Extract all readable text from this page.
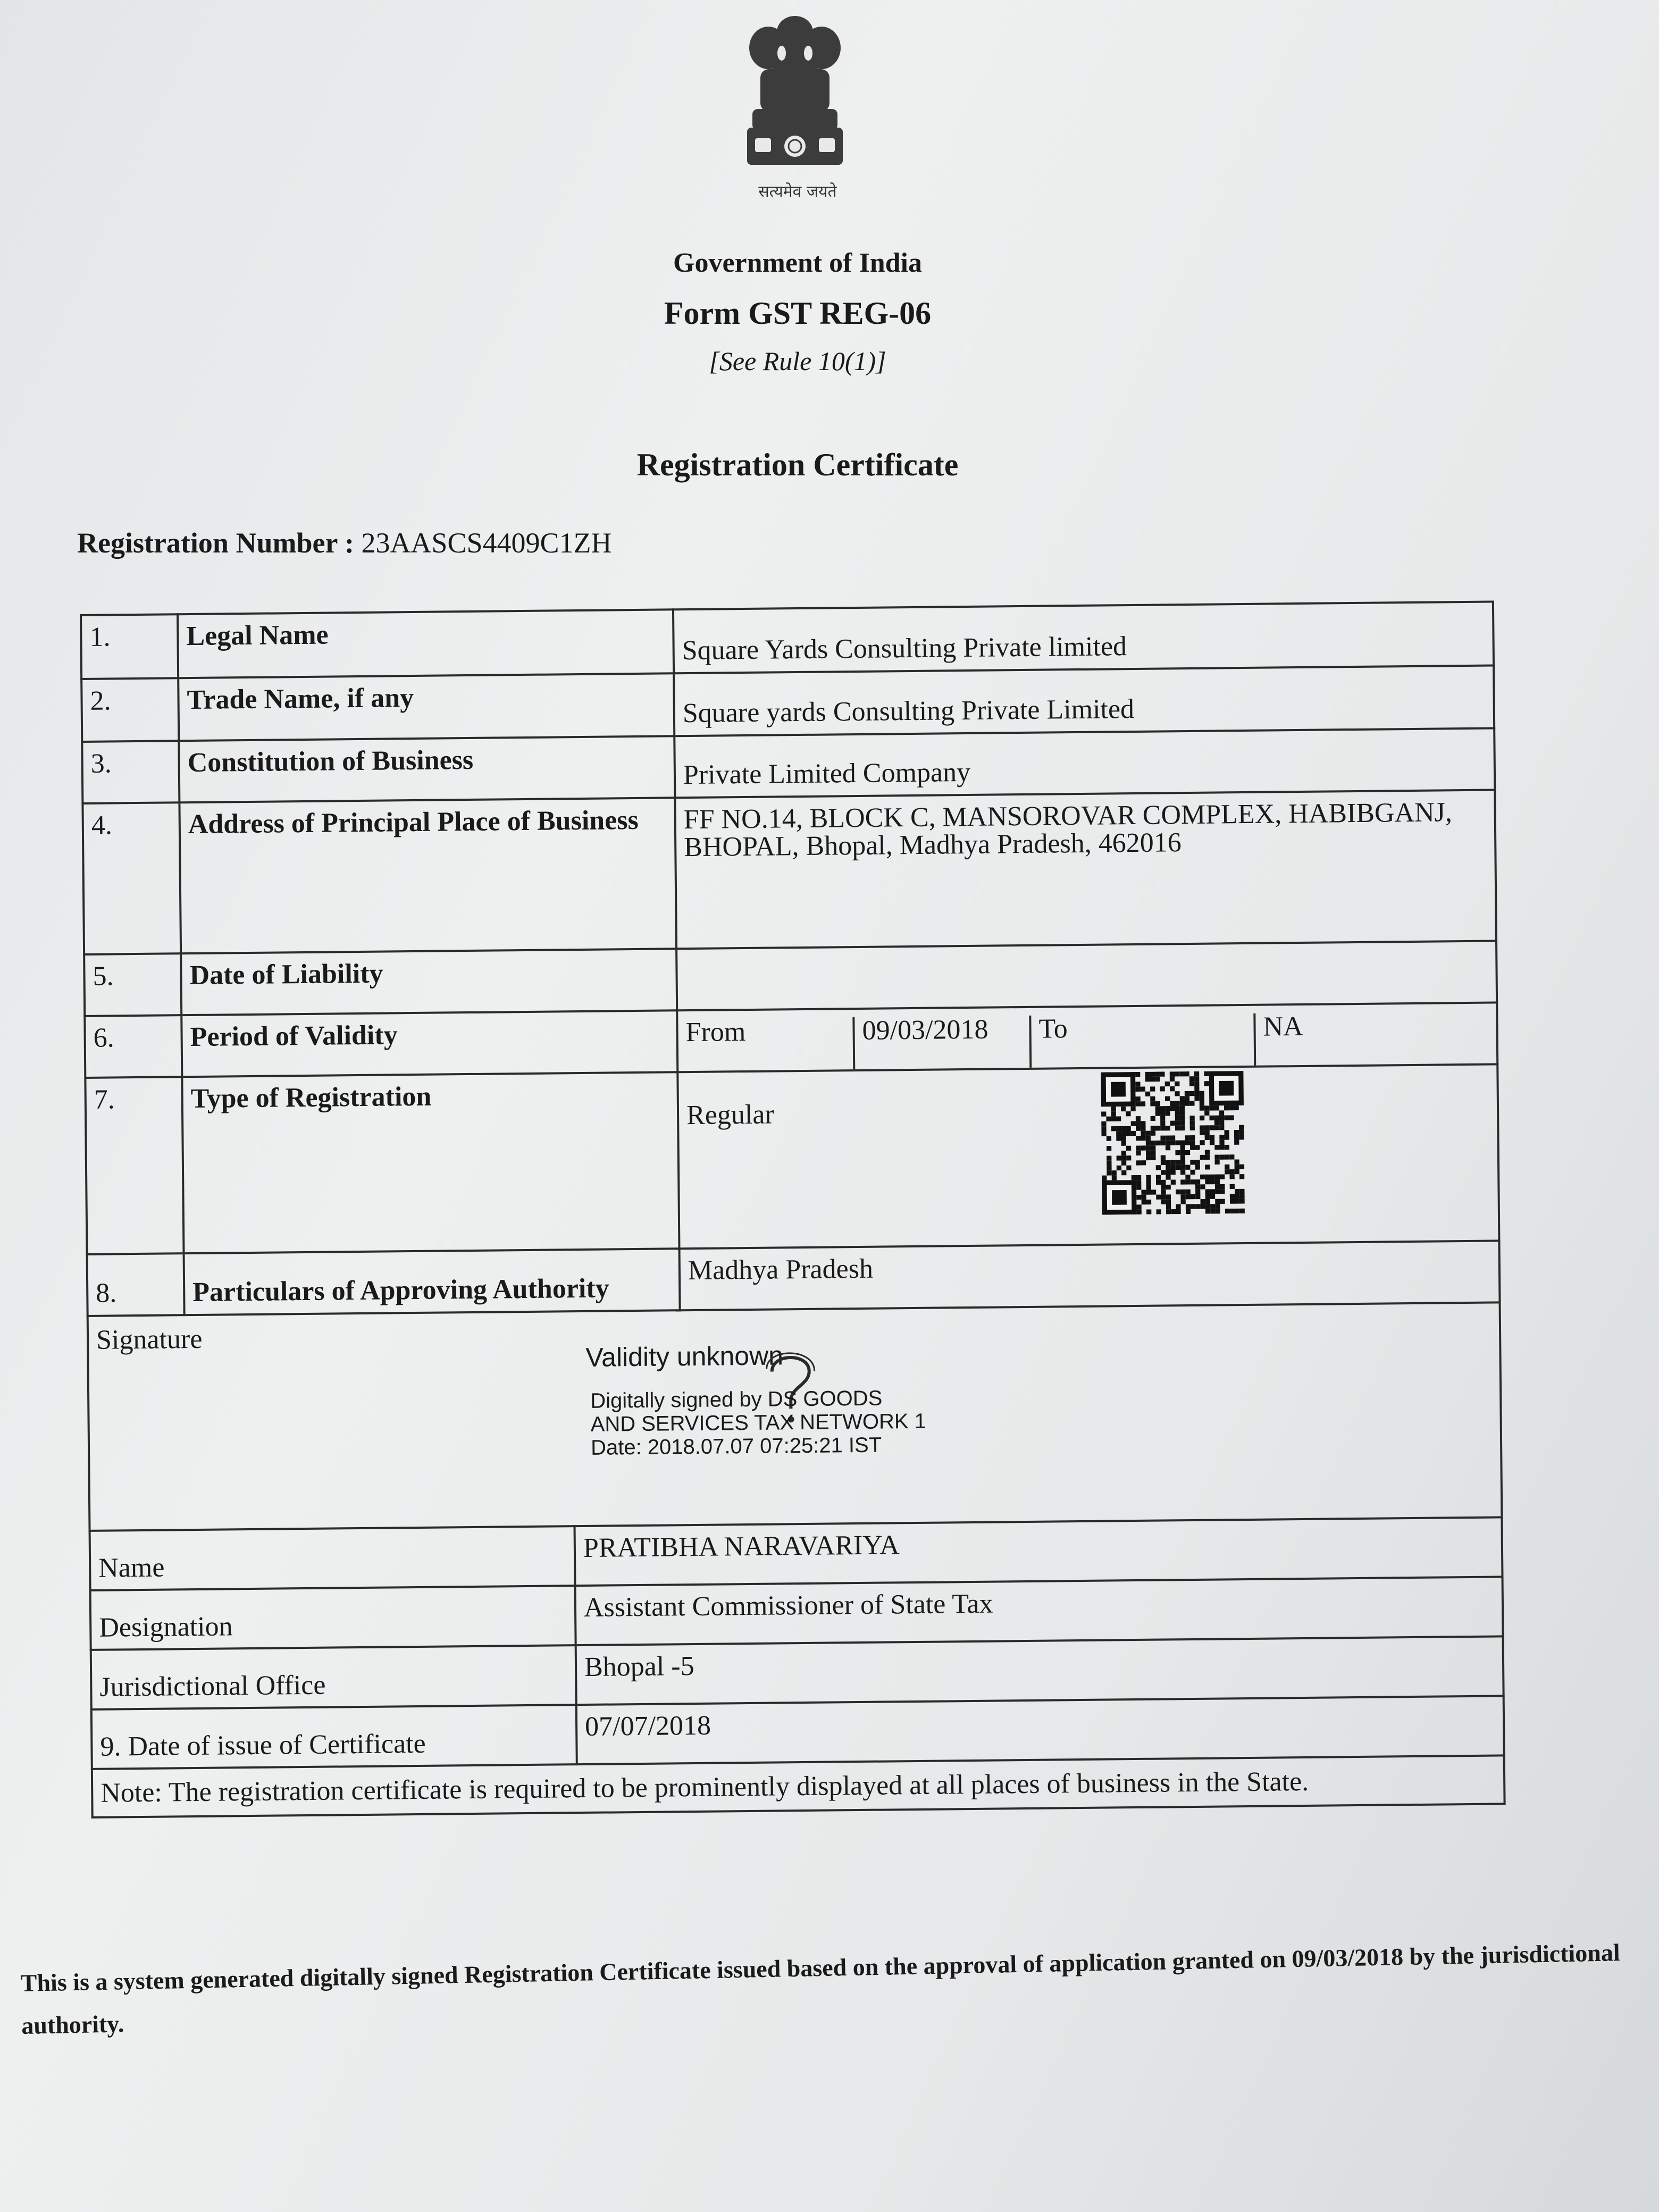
सत्यमेव जयते
Government of India
Form GST REG-06
[See Rule 10(1)]
Registration Certificate
Registration Number : 23AASCS4409C1ZH
1.	Legal Name	Square Yards Consulting Private limited
2.	Trade Name, if any	Square yards Consulting Private Limited
3.	Constitution of Business	Private Limited Company
4.	Address of Principal Place of Business	FF NO.14, BLOCK C, MANSOROVAR COMPLEX, HABIBGANJ, BHOPAL, Bhopal, Madhya Pradesh, 462016
5.	Date of Liability	
6.	Period of Validity		From	09/03/2018	To	NA

7.	Type of Registration	Regular

8.	Particulars of Approving Authority	Madhya Pradesh

Signature
Validity unknown
Digitally signed by DS GOODS
AND SERVICES TAX NETWORK 1
Date: 2018.07.07 07:25:21 IST
Name	PRATIBHA NARAVARIYA
Designation	Assistant Commissioner of State Tax
Jurisdictional Office	Bhopal -5
9. Date of issue of Certificate	07/07/2018
Note: The registration certificate is required to be prominently displayed at all places of business in the State.
This is a system generated digitally signed Registration Certificate issued based on the approval of application granted on 09/03/2018 by the jurisdictional authority.
